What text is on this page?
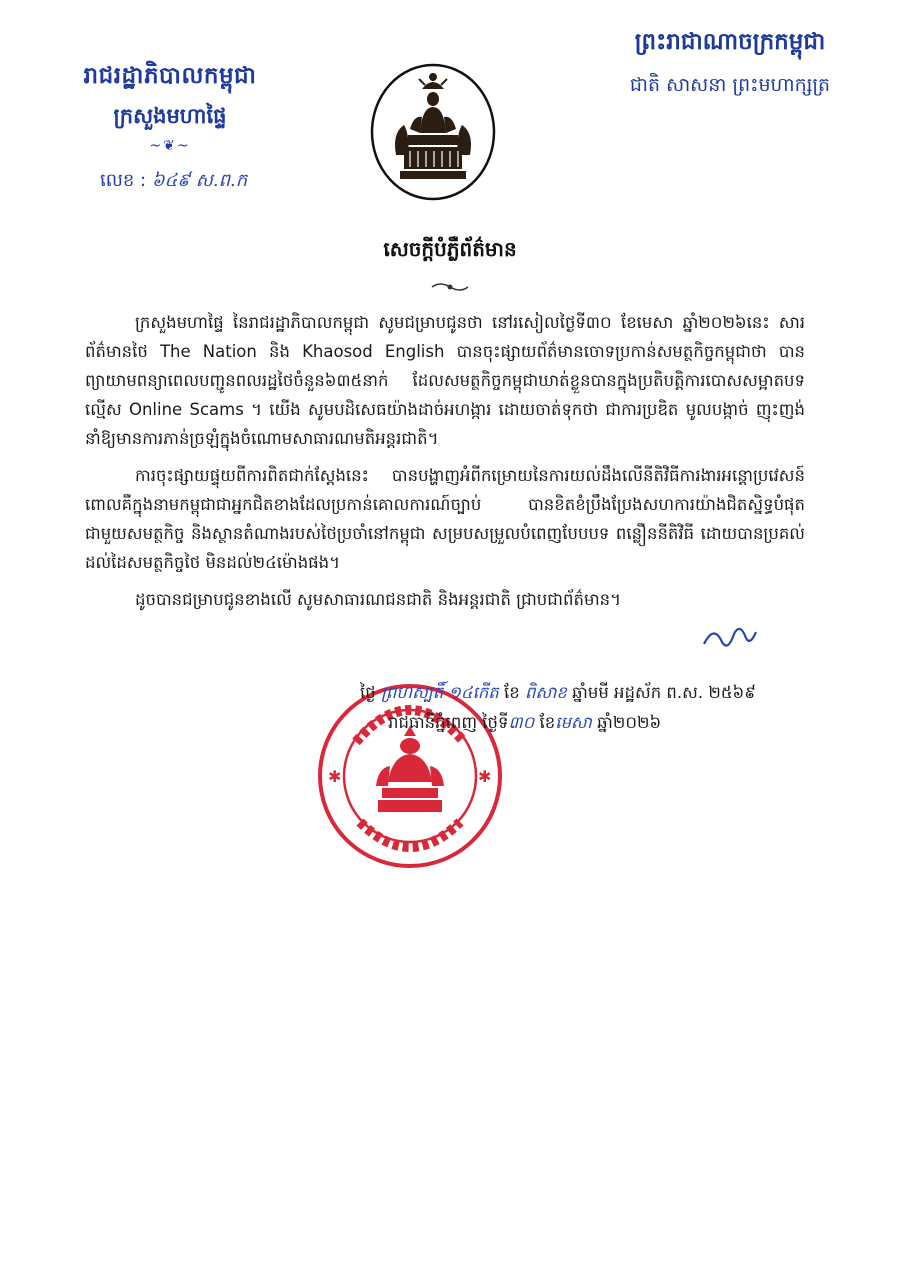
រាជរដ្ឋាភិបាលកម្ពុជា
ក្រសួងមហាផ្ទៃ
~❦~
លេខ : ៦៤៩ ស.ព.ក
ព្រះរាជាណាចក្រកម្ពុជា
ជាតិ សាសនា ព្រះមហាក្សត្រ
សេចក្តីបំភ្លឺព័ត៌មាន

ក្រសួងមហាផ្ទៃ នៃរាជរដ្ឋាភិបាលកម្ពុជា សូមជម្រាបជូនថា នៅរសៀលថ្ងៃទី៣០ ខែមេសា ឆ្នាំ២០២៦នេះ សារព័ត៌មានថៃ The Nation និង Khaosod English បានចុះផ្សាយព័ត៌មានចោទប្រកាន់សមត្ថកិច្ចកម្ពុជាថា បានព្យាយាមពន្យាពេលបញ្ជូនពលរដ្ឋថៃចំនួន៦៣៥នាក់ ដែលសមត្ថកិច្ចកម្ពុជាឃាត់ខ្លួនបានក្នុងប្រតិបត្តិការបោសសម្អាតបទល្មើស Online Scams ។ យើង សូមបដិសេធយ៉ាងដាច់អហង្ការ ដោយចាត់ទុកថា ជាការប្រឌិត មូលបង្កាច់ ញុះញង់ នាំឱ្យមានការភាន់ច្រឡំក្នុងចំណោមសាធារណមតិអន្តរជាតិ។

ការចុះផ្សាយផ្ទុយពីការពិតជាក់ស្តែងនេះ បានបង្ហាញអំពីកម្រោយនៃការយល់ដឹងលើនីតិវិធីការងារអន្តោប្រវេសន៍ ពោលគឺក្នុងនាមកម្ពុជាជាអ្នកជិតខាងដែលប្រកាន់គោលការណ៍ច្បាប់ បានខិតខំប្រឹងប្រែងសហការយ៉ាងជិតស្និទ្ធបំផុតជាមួយសមត្ថកិច្ច និងស្ថានតំណាងរបស់ថៃប្រចាំនៅកម្ពុជា សម្របសម្រួលបំពេញបែបបទ ពន្លឿននីតិវិធី ដោយបានប្រគល់ដល់ដៃសមត្ថកិច្ចថៃ មិនដល់២៤ម៉ោងផង។

ដូចបានជម្រាបជូនខាងលើ សូមសាធារណជនជាតិ និងអន្តរជាតិ ជ្រាបជាព័ត៌មាន។

✱	✱
ថ្ងៃ ព្រហស្បតិ៍ ១៤កើត ខែ ពិសាខ ឆ្នាំមមី អដ្ឋស័ក ព.ស. ២៥៦៩
រាជធានីភ្នំពេញ ថ្ងៃទី៣០ ខែមេសា ឆ្នាំ២០២៦
